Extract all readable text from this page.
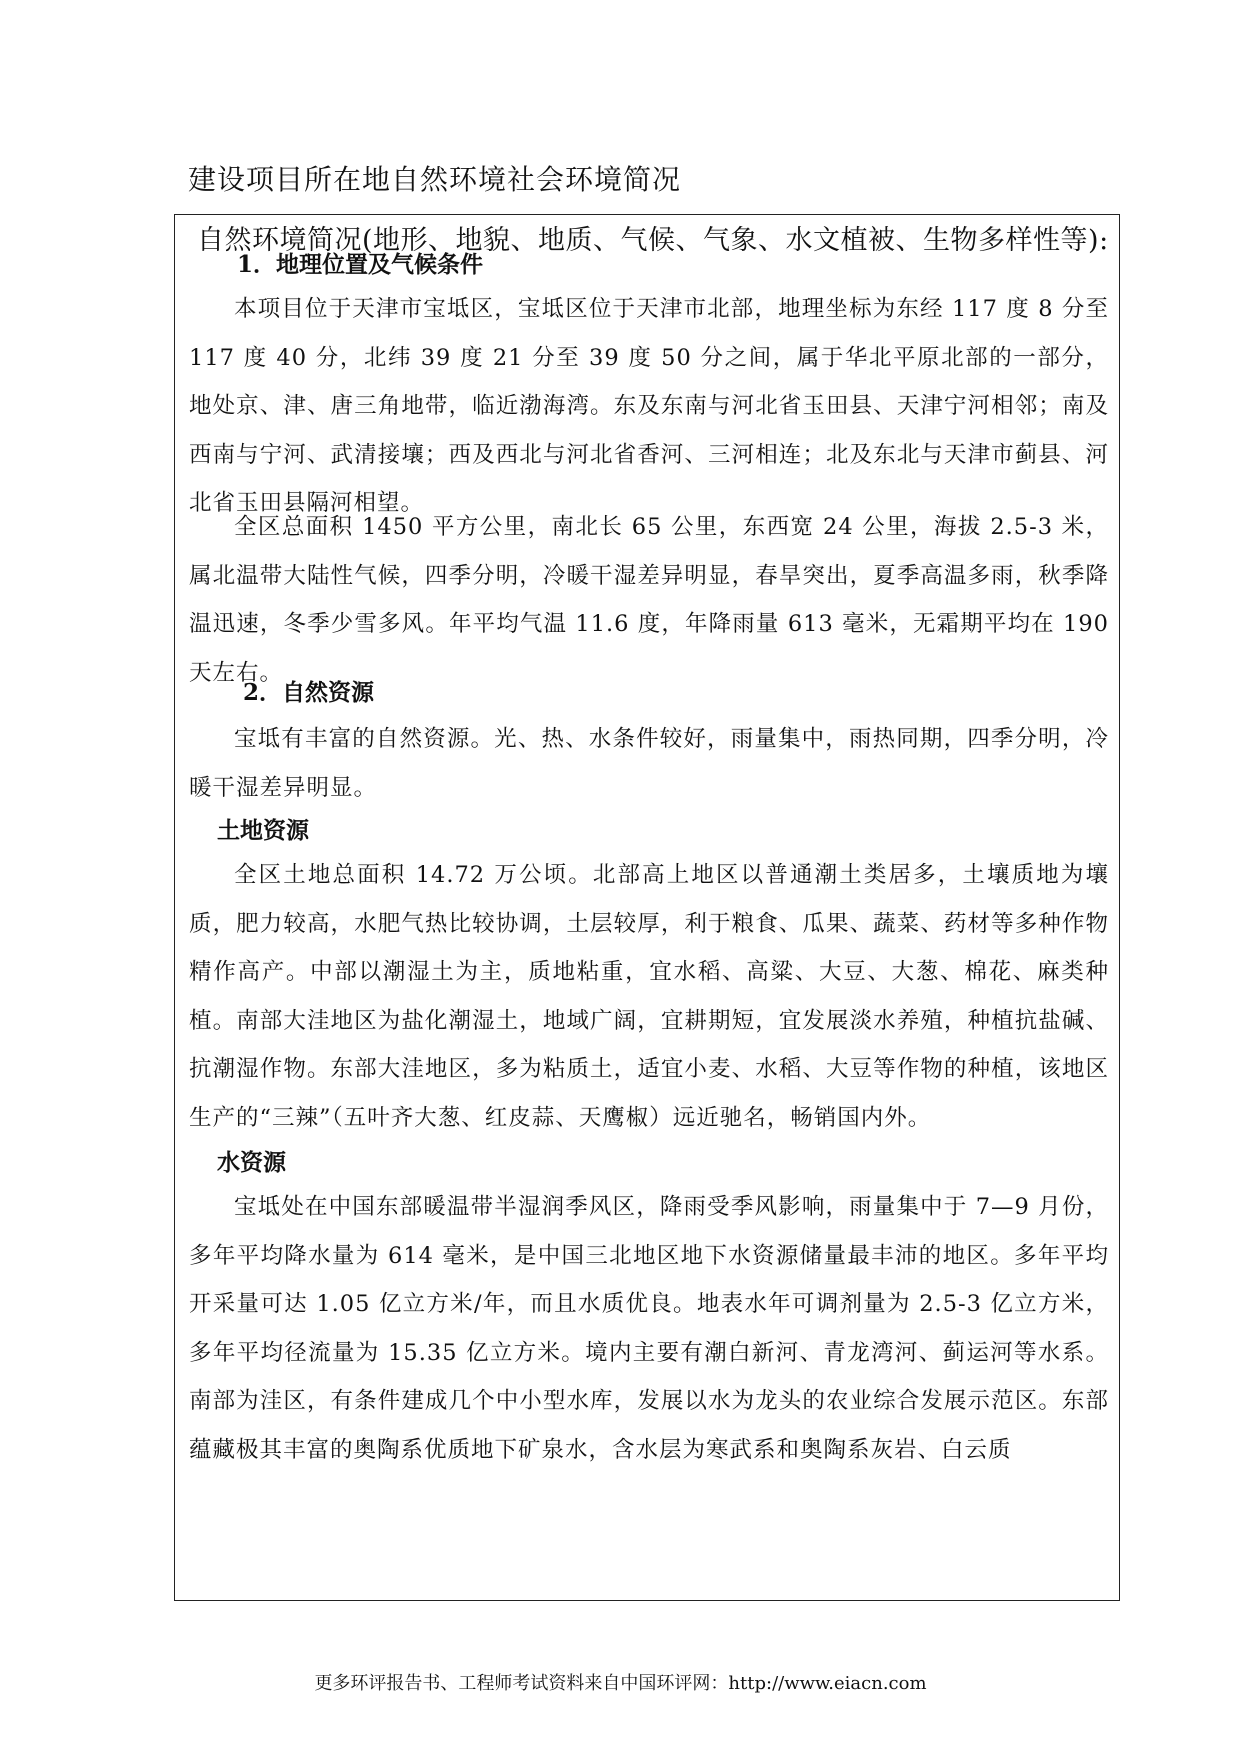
建设项目所在地自然环境社会环境简况
自然环境简况(地形、地貌、地质、气候、气象、水文植被、生物多样性等):
1．地理位置及气候条件

本项目位于天津市宝坻区，宝坻区位于天津市北部，地理坐标为东经 117 度 8 分至 117 度 40 分，北纬 39 度 21 分至 39 度 50 分之间，属于华北平原北部的一部分，地处京、津、唐三角地带，临近渤海湾。东及东南与河北省玉田县、天津宁河相邻；南及西南与宁河、武清接壤；西及西北与河北省香河、三河相连；北及东北与天津市蓟县、河北省玉田县隔河相望。

全区总面积 1450 平方公里，南北长 65 公里，东西宽 24 公里，海拔 2.5-3 米，属北温带大陆性气候，四季分明，冷暖干湿差异明显，春旱突出，夏季高温多雨，秋季降温迅速，冬季少雪多风。年平均气温 11.6 度，年降雨量 613 毫米，无霜期平均在 190 天左右。

2．自然资源

宝坻有丰富的自然资源。光、热、水条件较好，雨量集中，雨热同期，四季分明，冷暖干湿差异明显。

土地资源

全区土地总面积 14.72 万公顷。北部高上地区以普通潮土类居多，土壤质地为壤质，肥力较高，水肥气热比较协调，土层较厚，利于粮食、瓜果、蔬菜、药材等多种作物精作高产。中部以潮湿土为主，质地粘重，宜水稻、高粱、大豆、大葱、棉花、麻类种植。南部大洼地区为盐化潮湿土，地域广阔，宜耕期短，宜发展淡水养殖，种植抗盐碱、抗潮湿作物。东部大洼地区，多为粘质土，适宜小麦、水稻、大豆等作物的种植，该地区生产的“三辣”（五叶齐大葱、红皮蒜、天鹰椒）远近驰名，畅销国内外。

水资源

宝坻处在中国东部暖温带半湿润季风区，降雨受季风影响，雨量集中于 7—9 月份，多年平均降水量为 614 毫米，是中国三北地区地下水资源储量最丰沛的地区。多年平均开采量可达 1.05 亿立方米/年，而且水质优良。地表水年可调剂量为 2.5-3 亿立方米，多年平均径流量为 15.35 亿立方米。境内主要有潮白新河、青龙湾河、蓟运河等水系。南部为洼区，有条件建成几个中小型水库，发展以水为龙头的农业综合发展示范区。东部蕴藏极其丰富的奥陶系优质地下矿泉水，含水层为寒武系和奥陶系灰岩、白云质

更多环评报告书、工程师考试资料来自中国环评网：http://www.eiacn.com
